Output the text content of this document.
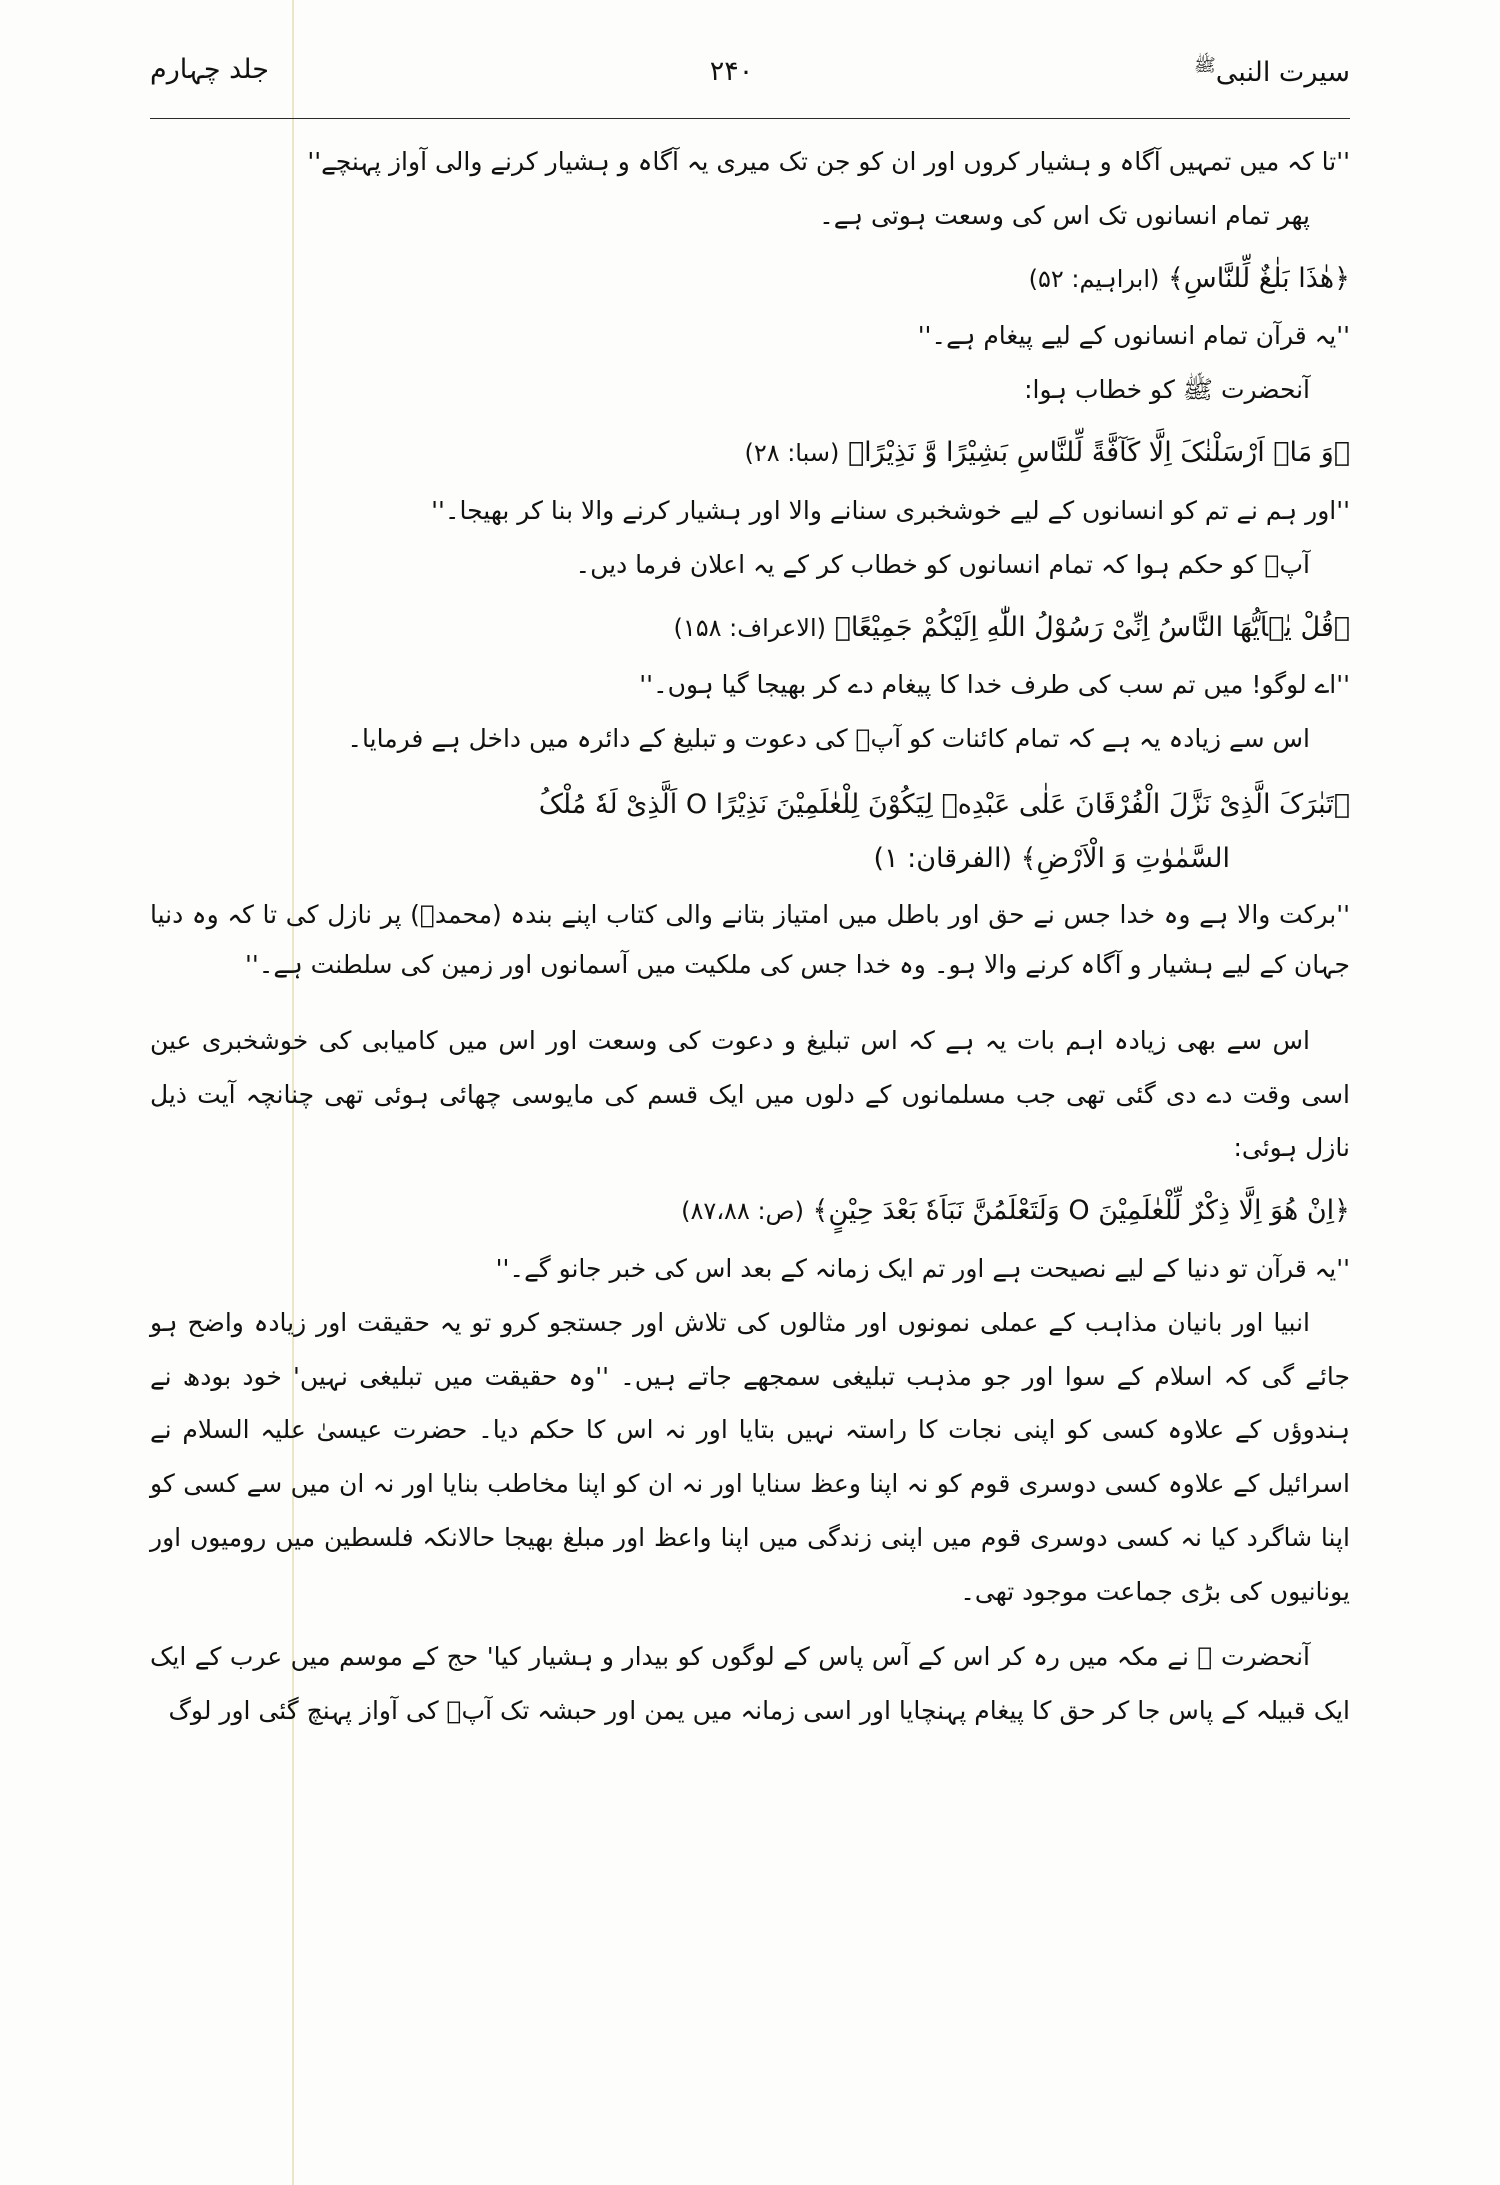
سیرت النبی$^ﷺ$
۲۴۰
جلد چہارم

''تا کہ میں تمہیں آگاہ و ہشیار کروں اور ان کو جن تک میری یہ آگاہ و ہشیار کرنے والی آواز پہنچے''

پھر تمام انسانوں تک اس کی وسعت ہوتی ہے۔

﴿هٰذَا بَلٰغٌ لِّلنَّاسِ﴾ (ابراہیم: ۵۲)

''یہ قرآن تمام انسانوں کے لیے پیغام ہے۔''

آنحضرت ﷺ کو خطاب ہوا:

﴿وَ مَاۤ اَرْسَلْنٰکَ اِلَّا کَآفَّةً لِّلنَّاسِ بَشِیْرًا وَّ نَذِیْرًا﴾ (سبا: ۲۸)

''اور ہم نے تم کو انسانوں کے لیے خوشخبری سنانے والا اور ہشیار کرنے والا بنا کر بھیجا۔''

آپؐ کو حکم ہوا کہ تمام انسانوں کو خطاب کر کے یہ اعلان فرما دیں۔

﴿قُلْ یٰۤاَیُّهَا النَّاسُ اِنِّیْ رَسُوْلُ اللّٰهِ اِلَیْکُمْ جَمِیْعًا﴾ (الاعراف: ۱۵۸)

''اے لوگو! میں تم سب کی طرف خدا کا پیغام دے کر بھیجا گیا ہوں۔''

اس سے زیادہ یہ ہے کہ تمام کائنات کو آپؐ کی دعوت و تبلیغ کے دائرہ میں داخل ہے فرمایا۔

﴿تَبٰرَکَ الَّذِیْ نَزَّلَ الْفُرْقَانَ عَلٰی عَبْدِهٖ لِیَکُوْنَ لِلْعٰلَمِیْنَ نَذِیْرًا O اَلَّذِیْ لَهٗ مُلْکُ
السَّمٰوٰتِ وَ الْاَرْضِ﴾ (الفرقان: ۱)

''برکت والا ہے وہ خدا جس نے حق اور باطل میں امتیاز بتانے والی کتاب اپنے بندہ (محمدؐ) پر نازل کی تا کہ وہ دنیا جہان کے لیے ہشیار و آگاہ کرنے والا ہو۔ وہ خدا جس کی ملکیت میں آسمانوں اور زمین کی سلطنت ہے۔''

اس سے بھی زیادہ اہم بات یہ ہے کہ اس تبلیغ و دعوت کی وسعت اور اس میں کامیابی کی خوشخبری عین اسی وقت دے دی گئی تھی جب مسلمانوں کے دلوں میں ایک قسم کی مایوسی چھائی ہوئی تھی چنانچہ آیت ذیل نازل ہوئی:

﴿اِنْ هُوَ اِلَّا ذِکْرٌ لِّلْعٰلَمِیْنَ O وَلَتَعْلَمُنَّ نَبَاَهٗ بَعْدَ حِیْنٍ﴾ (ص: ۸۷،۸۸)

''یہ قرآن تو دنیا کے لیے نصیحت ہے اور تم ایک زمانہ کے بعد اس کی خبر جانو گے۔''

انبیا اور بانیان مذاہب کے عملی نمونوں اور مثالوں کی تلاش اور جستجو کرو تو یہ حقیقت اور زیادہ واضح ہو جائے گی کہ اسلام کے سوا اور جو مذہب تبلیغی سمجھے جاتے ہیں۔ ''وہ حقیقت میں تبلیغی نہیں' خود بودھ نے ہندوؤں کے علاوہ کسی کو اپنی نجات کا راستہ نہیں بتایا اور نہ اس کا حکم دیا۔ حضرت عیسیٰ علیہ السلام نے اسرائیل کے علاوہ کسی دوسری قوم کو نہ اپنا وعظ سنایا اور نہ ان کو اپنا مخاطب بنایا اور نہ ان میں سے کسی کو اپنا شاگرد کیا نہ کسی دوسری قوم میں اپنی زندگی میں اپنا واعظ اور مبلغ بھیجا حالانکہ فلسطین میں رومیوں اور یونانیوں کی بڑی جماعت موجود تھی۔

آنحضرت ﷺ نے مکہ میں رہ کر اس کے آس پاس کے لوگوں کو بیدار و ہشیار کیا' حج کے موسم میں عرب کے ایک ایک قبیلہ کے پاس جا کر حق کا پیغام پہنچایا اور اسی زمانہ میں یمن اور حبشہ تک آپؐ کی آواز پہنچ گئی اور لوگ
